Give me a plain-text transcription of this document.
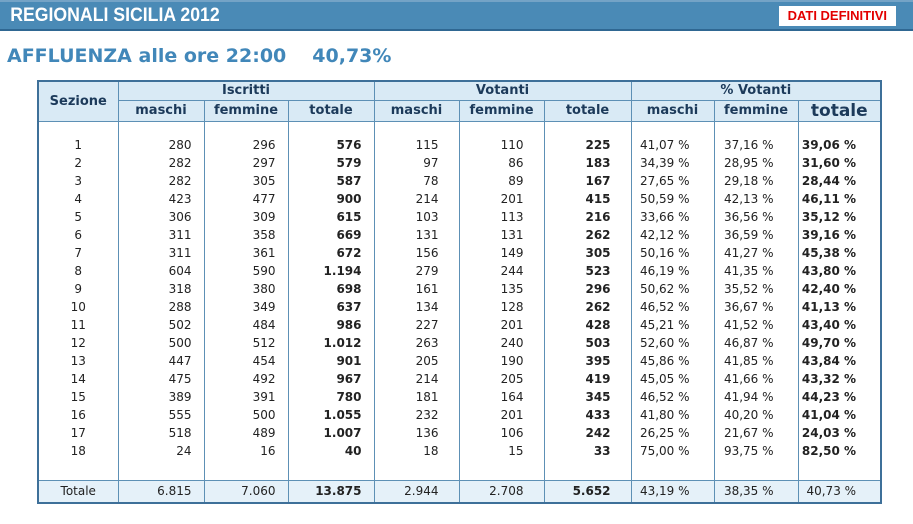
REGIONALI SICILIA 2012	DATI DEFINITIVI
AFFLUENZA alle ore 22:00 40,73%
Sezione	Iscritti			Votanti			% Votanti		
	maschi	femmine	totale	maschi	femmine	totale	maschi	femmine	totale

1	280	296	576	115	110	225	41,07 %	37,16 %	39,06 %
2	282	297	579	97	86	183	34,39 %	28,95 %	31,60 %
3	282	305	587	78	89	167	27,65 %	29,18 %	28,44 %
4	423	477	900	214	201	415	50,59 %	42,13 %	46,11 %
5	306	309	615	103	113	216	33,66 %	36,56 %	35,12 %
6	311	358	669	131	131	262	42,12 %	36,59 %	39,16 %
7	311	361	672	156	149	305	50,16 %	41,27 %	45,38 %
8	604	590	1.194	279	244	523	46,19 %	41,35 %	43,80 %
9	318	380	698	161	135	296	50,62 %	35,52 %	42,40 %
10	288	349	637	134	128	262	46,52 %	36,67 %	41,13 %
11	502	484	986	227	201	428	45,21 %	41,52 %	43,40 %
12	500	512	1.012	263	240	503	52,60 %	46,87 %	49,70 %
13	447	454	901	205	190	395	45,86 %	41,85 %	43,84 %
14	475	492	967	214	205	419	45,05 %	41,66 %	43,32 %
15	389	391	780	181	164	345	46,52 %	41,94 %	44,23 %
16	555	500	1.055	232	201	433	41,80 %	40,20 %	41,04 %
17	518	489	1.007	136	106	242	26,25 %	21,67 %	24,03 %
18	24	16	40	18	15	33	75,00 %	93,75 %	82,50 %

Totale	6.815	7.060	13.875	2.944	2.708	5.652	43,19 %	38,35 %	40,73 %
